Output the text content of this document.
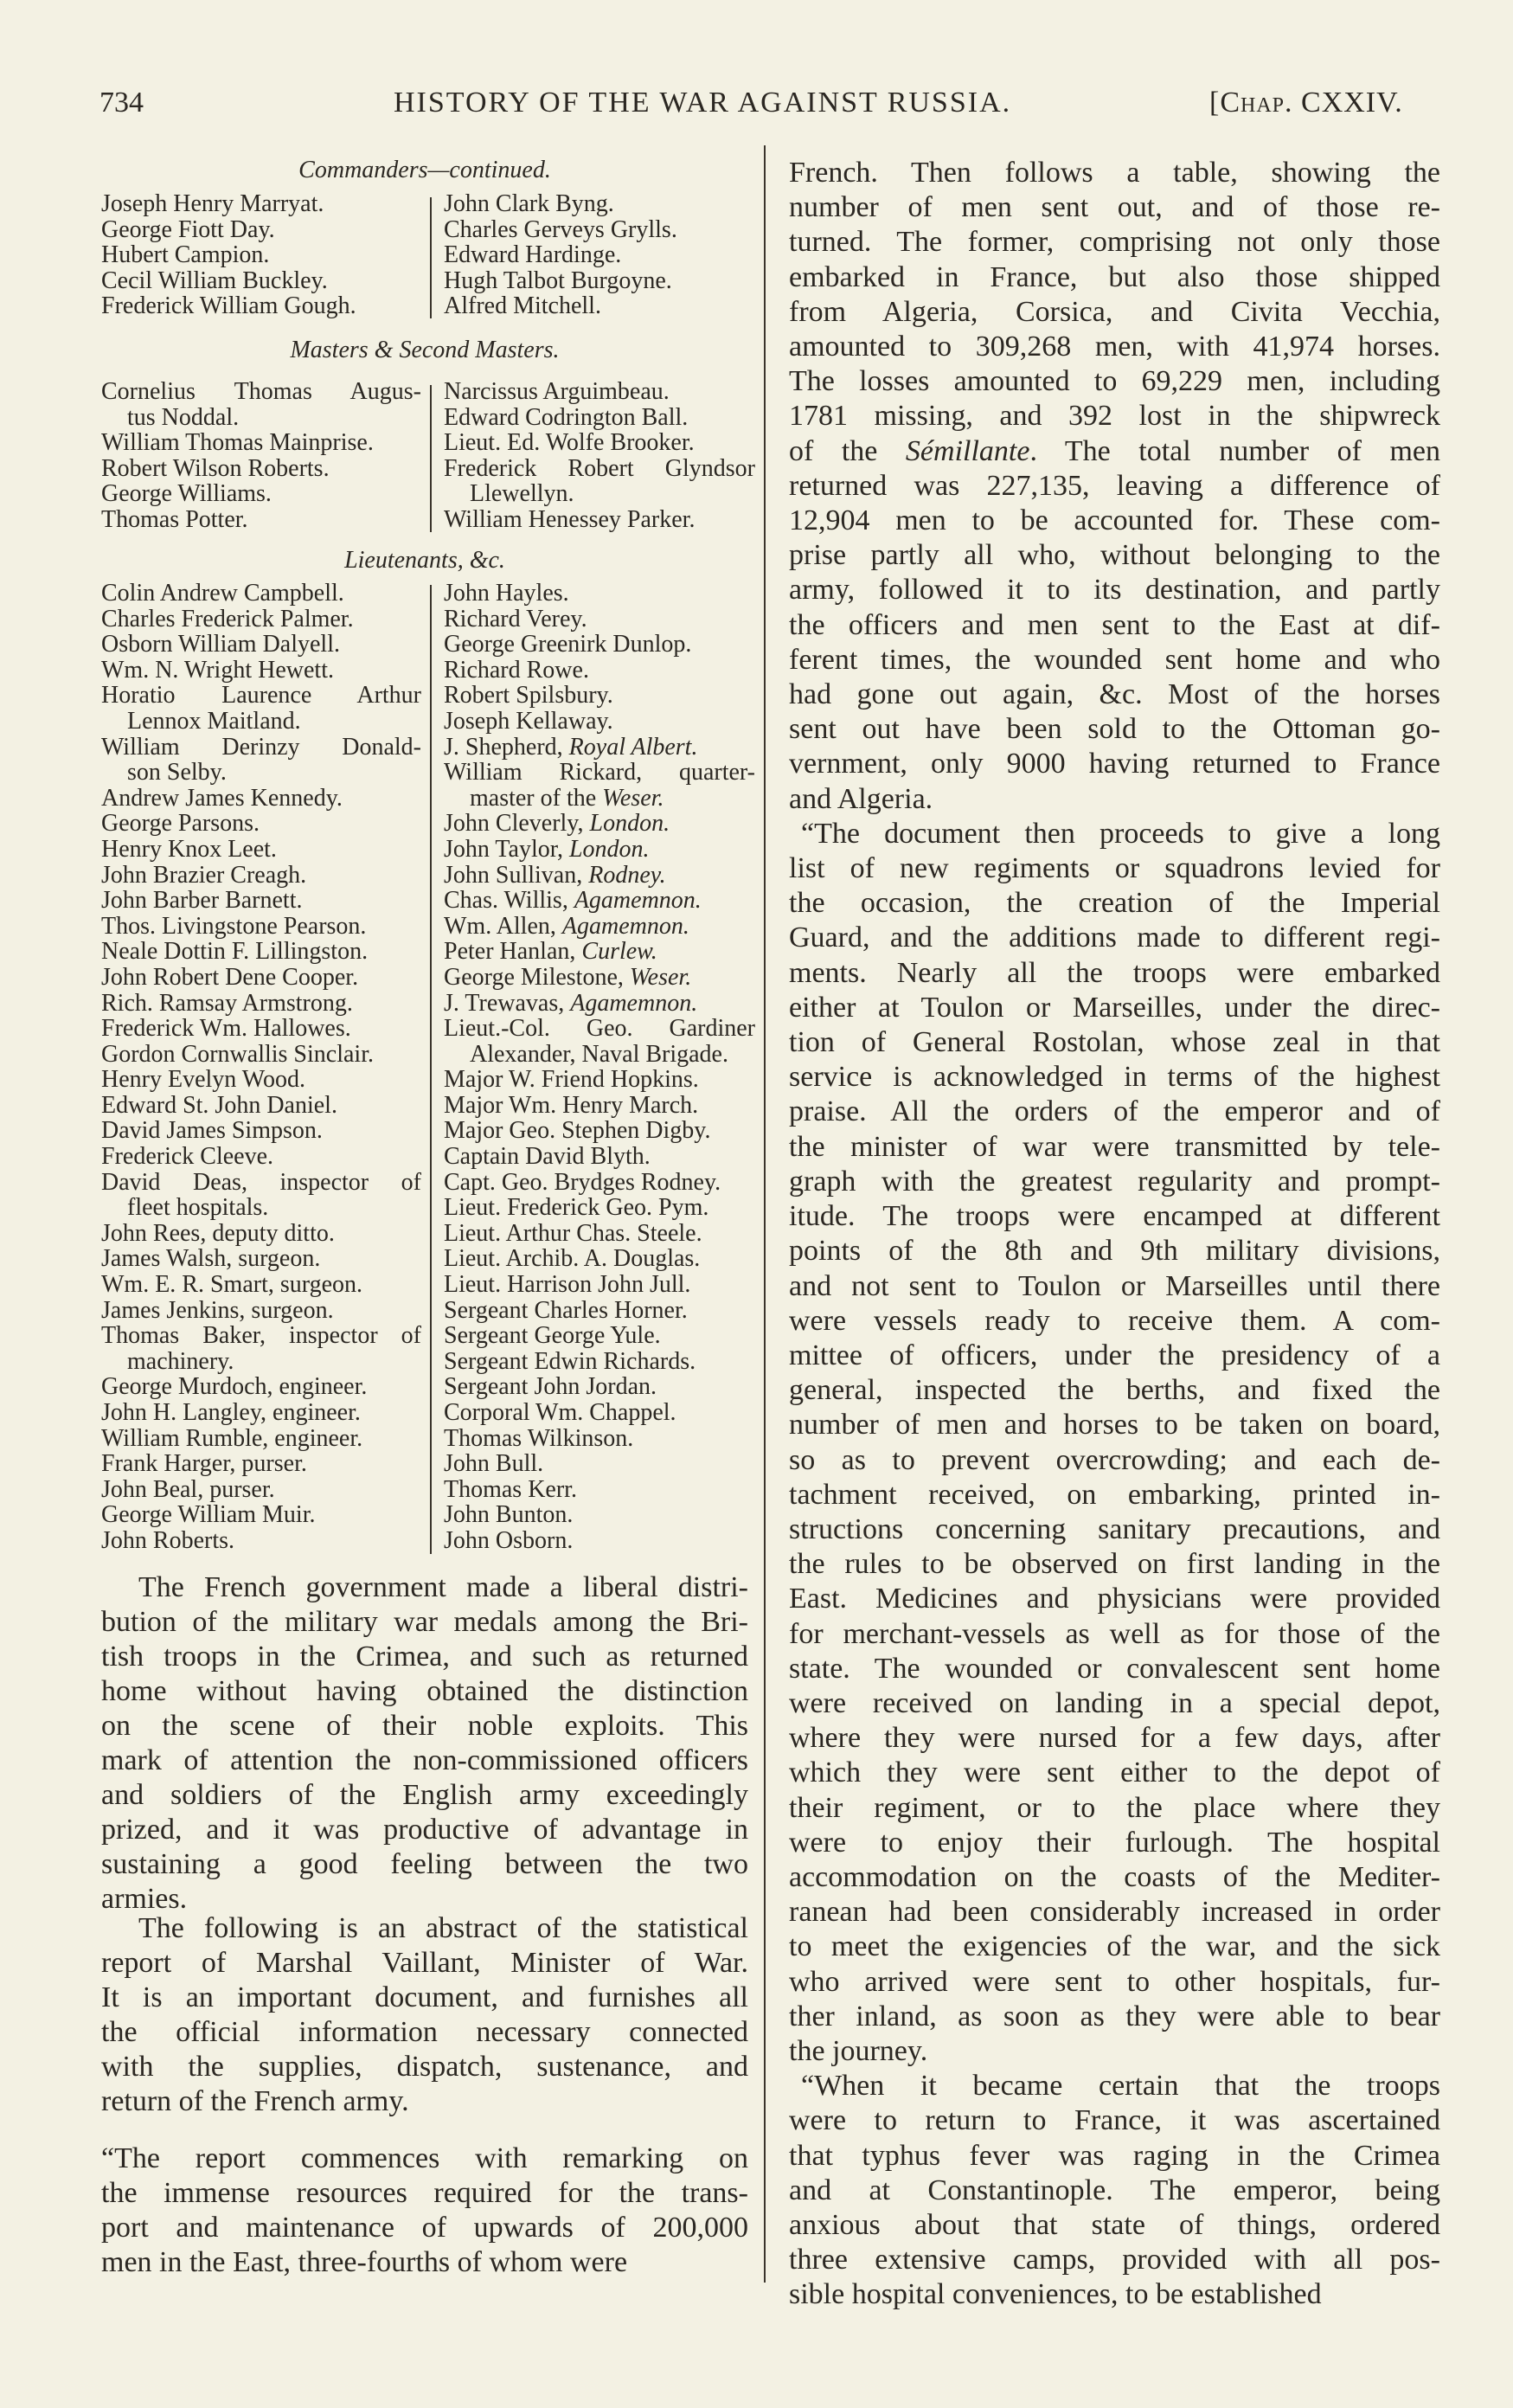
734	HISTORY OF THE WAR AGAINST RUSSIA.	[Chap. CXXIV.
Commanders—continued.
Joseph Henry Marryat.
George Fiott Day.
Hubert Campion.
Cecil William Buckley.
Frederick William Gough.
John Clark Byng.
Charles Gerveys Grylls.
Edward Hardinge.
Hugh Talbot Burgoyne.
Alfred Mitchell.
Masters & Second Masters.
Cornelius Thomas Augus-
tus Noddal.
William Thomas Mainprise.
Robert Wilson Roberts.
George Williams.
Thomas Potter.
Narcissus Arguimbeau.
Edward Codrington Ball.
Lieut. Ed. Wolfe Brooker.
Frederick Robert Glyndsor
Llewellyn.
William Henessey Parker.
Lieutenants, &c.
Colin Andrew Campbell.
Charles Frederick Palmer.
Osborn William Dalyell.
Wm. N. Wright Hewett.
Horatio Laurence Arthur
Lennox Maitland.
William Derinzy Donald-
son Selby.
Andrew James Kennedy.
George Parsons.
Henry Knox Leet.
John Brazier Creagh.
John Barber Barnett.
Thos. Livingstone Pearson.
Neale Dottin F. Lillingston.
John Robert Dene Cooper.
Rich. Ramsay Armstrong.
Frederick Wm. Hallowes.
Gordon Cornwallis Sinclair.
Henry Evelyn Wood.
Edward St. John Daniel.
David James Simpson.
Frederick Cleeve.
David Deas, inspector of
fleet hospitals.
John Rees, deputy ditto.
James Walsh, surgeon.
Wm. E. R. Smart, surgeon.
James Jenkins, surgeon.
Thomas Baker, inspector of
machinery.
George Murdoch, engineer.
John H. Langley, engineer.
William Rumble, engineer.
Frank Harger, purser.
John Beal, purser.
George William Muir.
John Roberts.
John Hayles.
Richard Verey.
George Greenirk Dunlop.
Richard Rowe.
Robert Spilsbury.
Joseph Kellaway.
J. Shepherd, Royal Albert.
William Rickard, quarter-
master of the Weser.
John Cleverly, London.
John Taylor, London.
John Sullivan, Rodney.
Chas. Willis, Agamemnon.
Wm. Allen, Agamemnon.
Peter Hanlan, Curlew.
George Milestone, Weser.
J. Trewavas, Agamemnon.
Lieut.-Col. Geo. Gardiner
Alexander, Naval Brigade.
Major W. Friend Hopkins.
Major Wm. Henry March.
Major Geo. Stephen Digby.
Captain David Blyth.
Capt. Geo. Brydges Rodney.
Lieut. Frederick Geo. Pym.
Lieut. Arthur Chas. Steele.
Lieut. Archib. A. Douglas.
Lieut. Harrison John Jull.
Sergeant Charles Horner.
Sergeant George Yule.
Sergeant Edwin Richards.
Sergeant John Jordan.
Corporal Wm. Chappel.
Thomas Wilkinson.
John Bull.
Thomas Kerr.
John Bunton.
John Osborn.

The French government made a liberal distri-
bution of the military war medals among the Bri-
tish troops in the Crimea, and such as returned
home without having obtained the distinction
on the scene of their noble exploits. This
mark of attention the non-commissioned officers
and soldiers of the English army exceedingly
prized, and it was productive of advantage in
sustaining a good feeling between the two
armies.

The following is an abstract of the statistical
report of Marshal Vaillant, Minister of War.
It is an important document, and furnishes all
the official information necessary connected
with the supplies, dispatch, sustenance, and
return of the French army.

“The report commences with remarking on
the immense resources required for the trans-
port and maintenance of upwards of 200,000
men in the East, three-fourths of whom were

French. Then follows a table, showing the
number of men sent out, and of those re-
turned. The former, comprising not only those
embarked in France, but also those shipped
from Algeria, Corsica, and Civita Vecchia,
amounted to 309,268 men, with 41,974 horses.
The losses amounted to 69,229 men, including
1781 missing, and 392 lost in the shipwreck
of the Sémillante. The total number of men
returned was 227,135, leaving a difference of
12,904 men to be accounted for. These com-
prise partly all who, without belonging to the
army, followed it to its destination, and partly
the officers and men sent to the East at dif-
ferent times, the wounded sent home and who
had gone out again, &c. Most of the horses
sent out have been sold to the Ottoman go-
vernment, only 9000 having returned to France
and Algeria.

“The document then proceeds to give a long
list of new regiments or squadrons levied for
the occasion, the creation of the Imperial
Guard, and the additions made to different regi-
ments. Nearly all the troops were embarked
either at Toulon or Marseilles, under the direc-
tion of General Rostolan, whose zeal in that
service is acknowledged in terms of the highest
praise. All the orders of the emperor and of
the minister of war were transmitted by tele-
graph with the greatest regularity and prompt-
itude. The troops were encamped at different
points of the 8th and 9th military divisions,
and not sent to Toulon or Marseilles until there
were vessels ready to receive them. A com-
mittee of officers, under the presidency of a
general, inspected the berths, and fixed the
number of men and horses to be taken on board,
so as to prevent overcrowding; and each de-
tachment received, on embarking, printed in-
structions concerning sanitary precautions, and
the rules to be observed on first landing in the
East. Medicines and physicians were provided
for merchant-vessels as well as for those of the
state. The wounded or convalescent sent home
were received on landing in a special depot,
where they were nursed for a few days, after
which they were sent either to the depot of
their regiment, or to the place where they
were to enjoy their furlough. The hospital
accommodation on the coasts of the Mediter-
ranean had been considerably increased in order
to meet the exigencies of the war, and the sick
who arrived were sent to other hospitals, fur-
ther inland, as soon as they were able to bear
the journey.

“When it became certain that the troops
were to return to France, it was ascertained
that typhus fever was raging in the Crimea
and at Constantinople. The emperor, being
anxious about that state of things, ordered
three extensive camps, provided with all pos-
sible hospital conveniences, to be established
